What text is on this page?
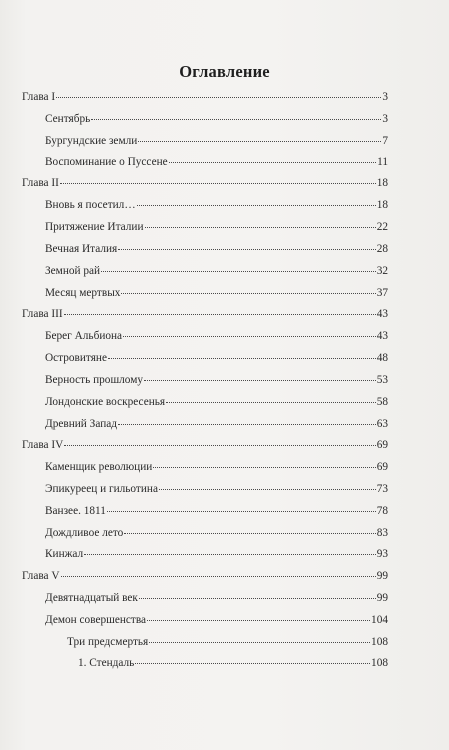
Оглавление
Глава I	3
Сентябрь	3
Бургундские земли	7
Воспоминание о Пуссене	11
Глава II	18
Вновь я посетил…	18
Притяжение Италии	22
Вечная Италия	28
Земной рай	32
Месяц мертвых	37
Глава III	43
Берег Альбиона	43
Островитяне	48
Верность прошлому	53
Лондонские воскресенья	58
Древний Запад	63
Глава IV	69
Каменщик революции	69
Эпикуреец и гильотина	73
Ванзее. 1811	78
Дождливое лето	83
Кинжал	93
Глава V	99
Девятнадцатый век	99
Демон совершенства	104
Три предсмертья	108
1. Стендаль	108
